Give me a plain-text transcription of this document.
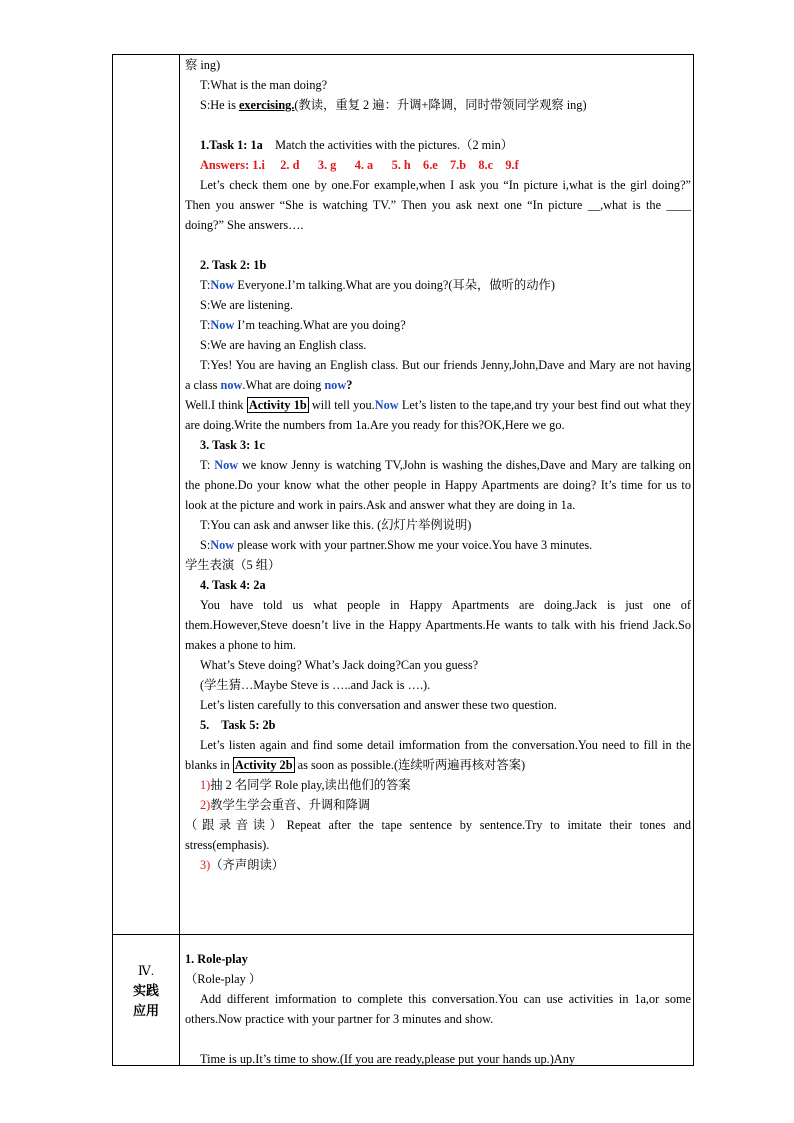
察 ing)

T:What is the man doing?

S:He is exercising.(教读，重复 2 遍：升调+降调，同时带领同学观察 ing)

1.Task 1: 1a Match the activities with the pictures.（2 min）

Answers: 1.i     2. d      3. g      4. a      5. h    6.e    7.b    8.c    9.f

Let’s check them one by one.For example,when I ask you “In picture i,what is the girl doing?” Then you answer “She is watching TV.” Then you ask next one “In picture __,what is the ____ doing?” She answers….

2. Task 2: 1b

T:Now Everyone.I’m talking.What are you doing?(耳朵，做听的动作)

S:We are listening.

T:Now I’m teaching.What are you doing?

S:We are having an English class.

T:Yes! You are having an English class. But our friends Jenny,John,Dave and Mary are not having a class now.What are doing now?

Well.I think Activity 1b will tell you.Now Let’s listen to the tape,and try your best find out what they are doing.Write the numbers from 1a.Are you ready for this?OK,Here we go.

3. Task 3: 1c

T: Now we know Jenny is watching TV,John is washing the dishes,Dave and Mary are talking on the phone.Do your know what the other people in Happy Apartments are doing? It’s time for us to look at the picture and work in pairs.Ask and answer what they are doing in 1a.

T:You can ask and anwser like this. (幻灯片举例说明)

S:Now please work with your partner.Show me your voice.You have 3 minutes.

学生表演（5 组）

4. Task 4: 2a

You have told us what people in Happy Apartments are doing.Jack is just one of them.However,Steve doesn’t live in the Happy Apartments.He wants to talk with his friend Jack.So makes a phone to him.

What’s Steve doing? What’s Jack doing?Can you guess?

(学生猜…Maybe Steve is …..and Jack is ….).

Let’s listen carefully to this conversation and answer these two question.

5.    Task 5: 2b

Let’s listen again and find some detail imformation from the conversation.You need to fill in the blanks in Activity 2b as soon as possible.(连续听两遍再核对答案)

1)抽 2 名同学 Role play,读出他们的答案

2)教学生学会重音、升调和降调

（跟录音读）Repeat after the tape sentence by sentence.Try to imitate their tones and stress(emphasis).

3)（齐声朗读）

Ⅳ.
实践
应用

1. Role-play

（Role-play ）

Add different imformation to complete this conversation.You can use activities in 1a,or some others.Now practice with your partner for 3 minutes and show.

Time is up.It’s time to show.(If you are ready,please put your hands up.)Any
